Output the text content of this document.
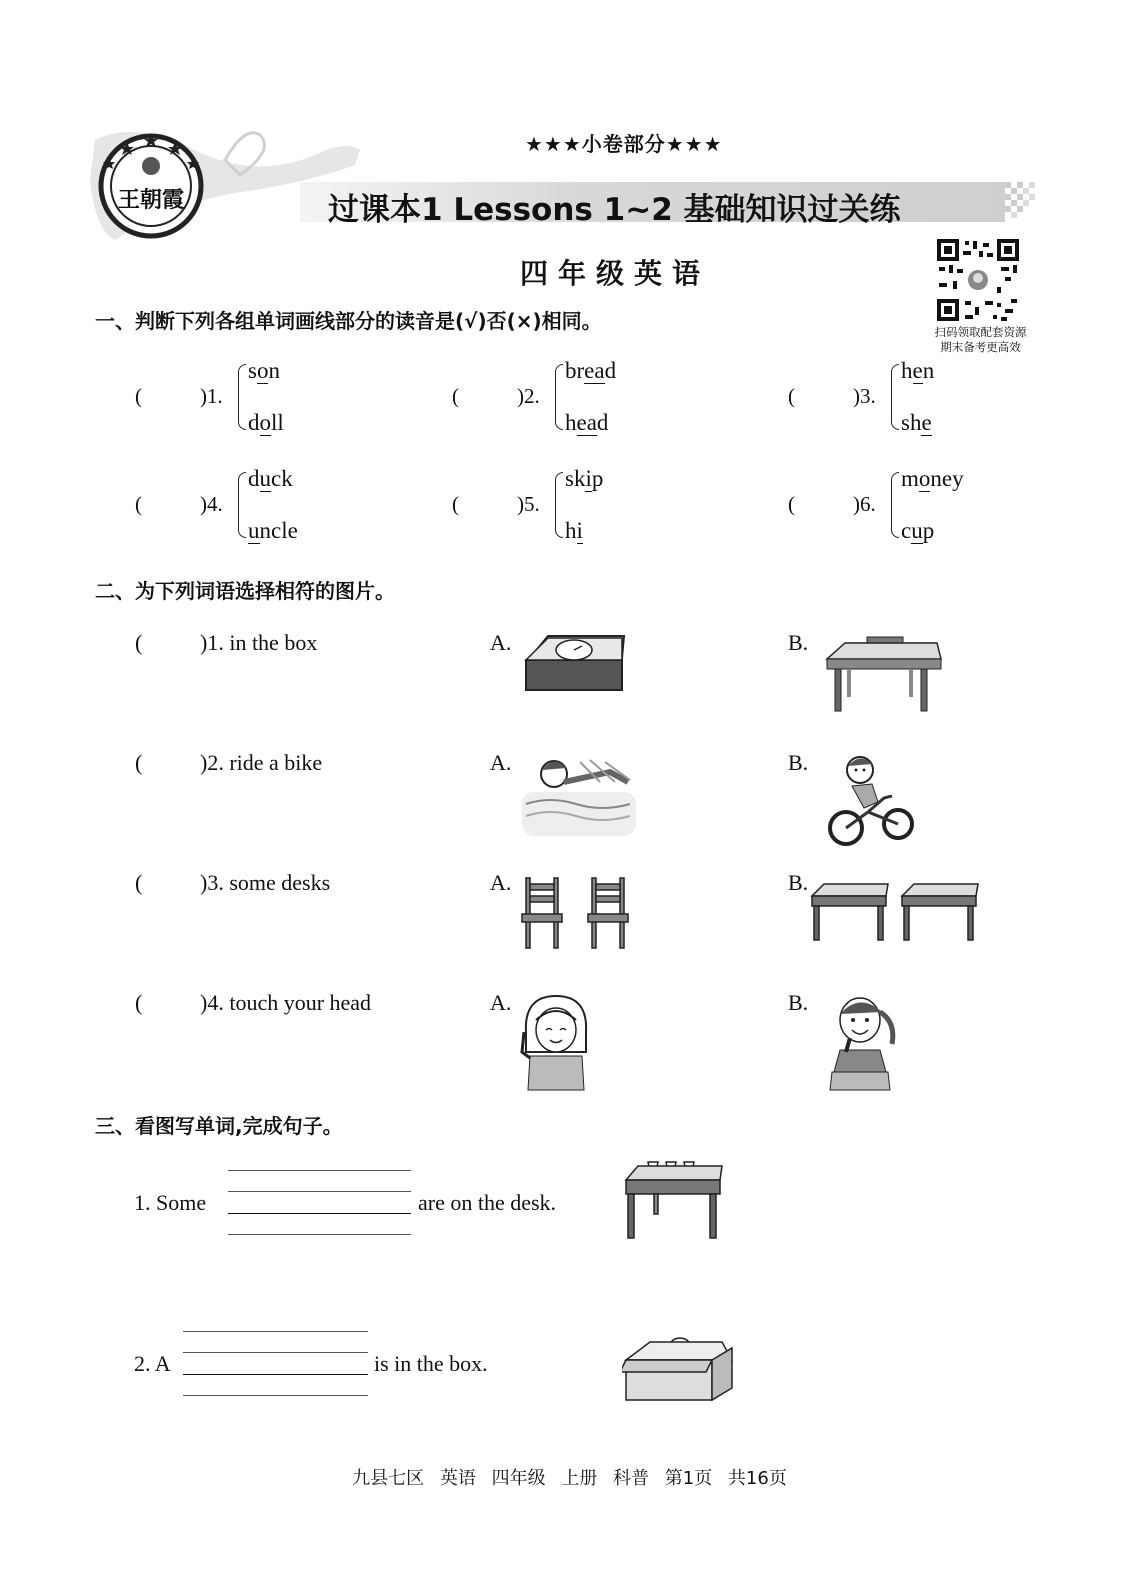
王朝霞
★★★小卷部分★★★
过课本1 Lessons 1~2 基础知识过关练
四年级英语
扫码领取配套资源
期末备考更高效
一、判断下列各组单词画线部分的读音是(√)否(×)相同。
(	)1.
son
doll
(	)2.
bread
head
(	)3.
hen
she
(	)4.
duck
uncle
(	)5.
skip
hi
(	)6.
money
cup
二、为下列词语选择相符的图片。
(	)1. in the box	A.	B.
(	)2. ride a bike	A.	B.
(	)3. some desks	A.	B.
(	)4. touch your head	A.	B.
三、看图写单词,完成句子。
1. Some	are on the desk.
2. A	is in the box.
九县七区 英语 四年级 上册 科普 第1页 共16页
